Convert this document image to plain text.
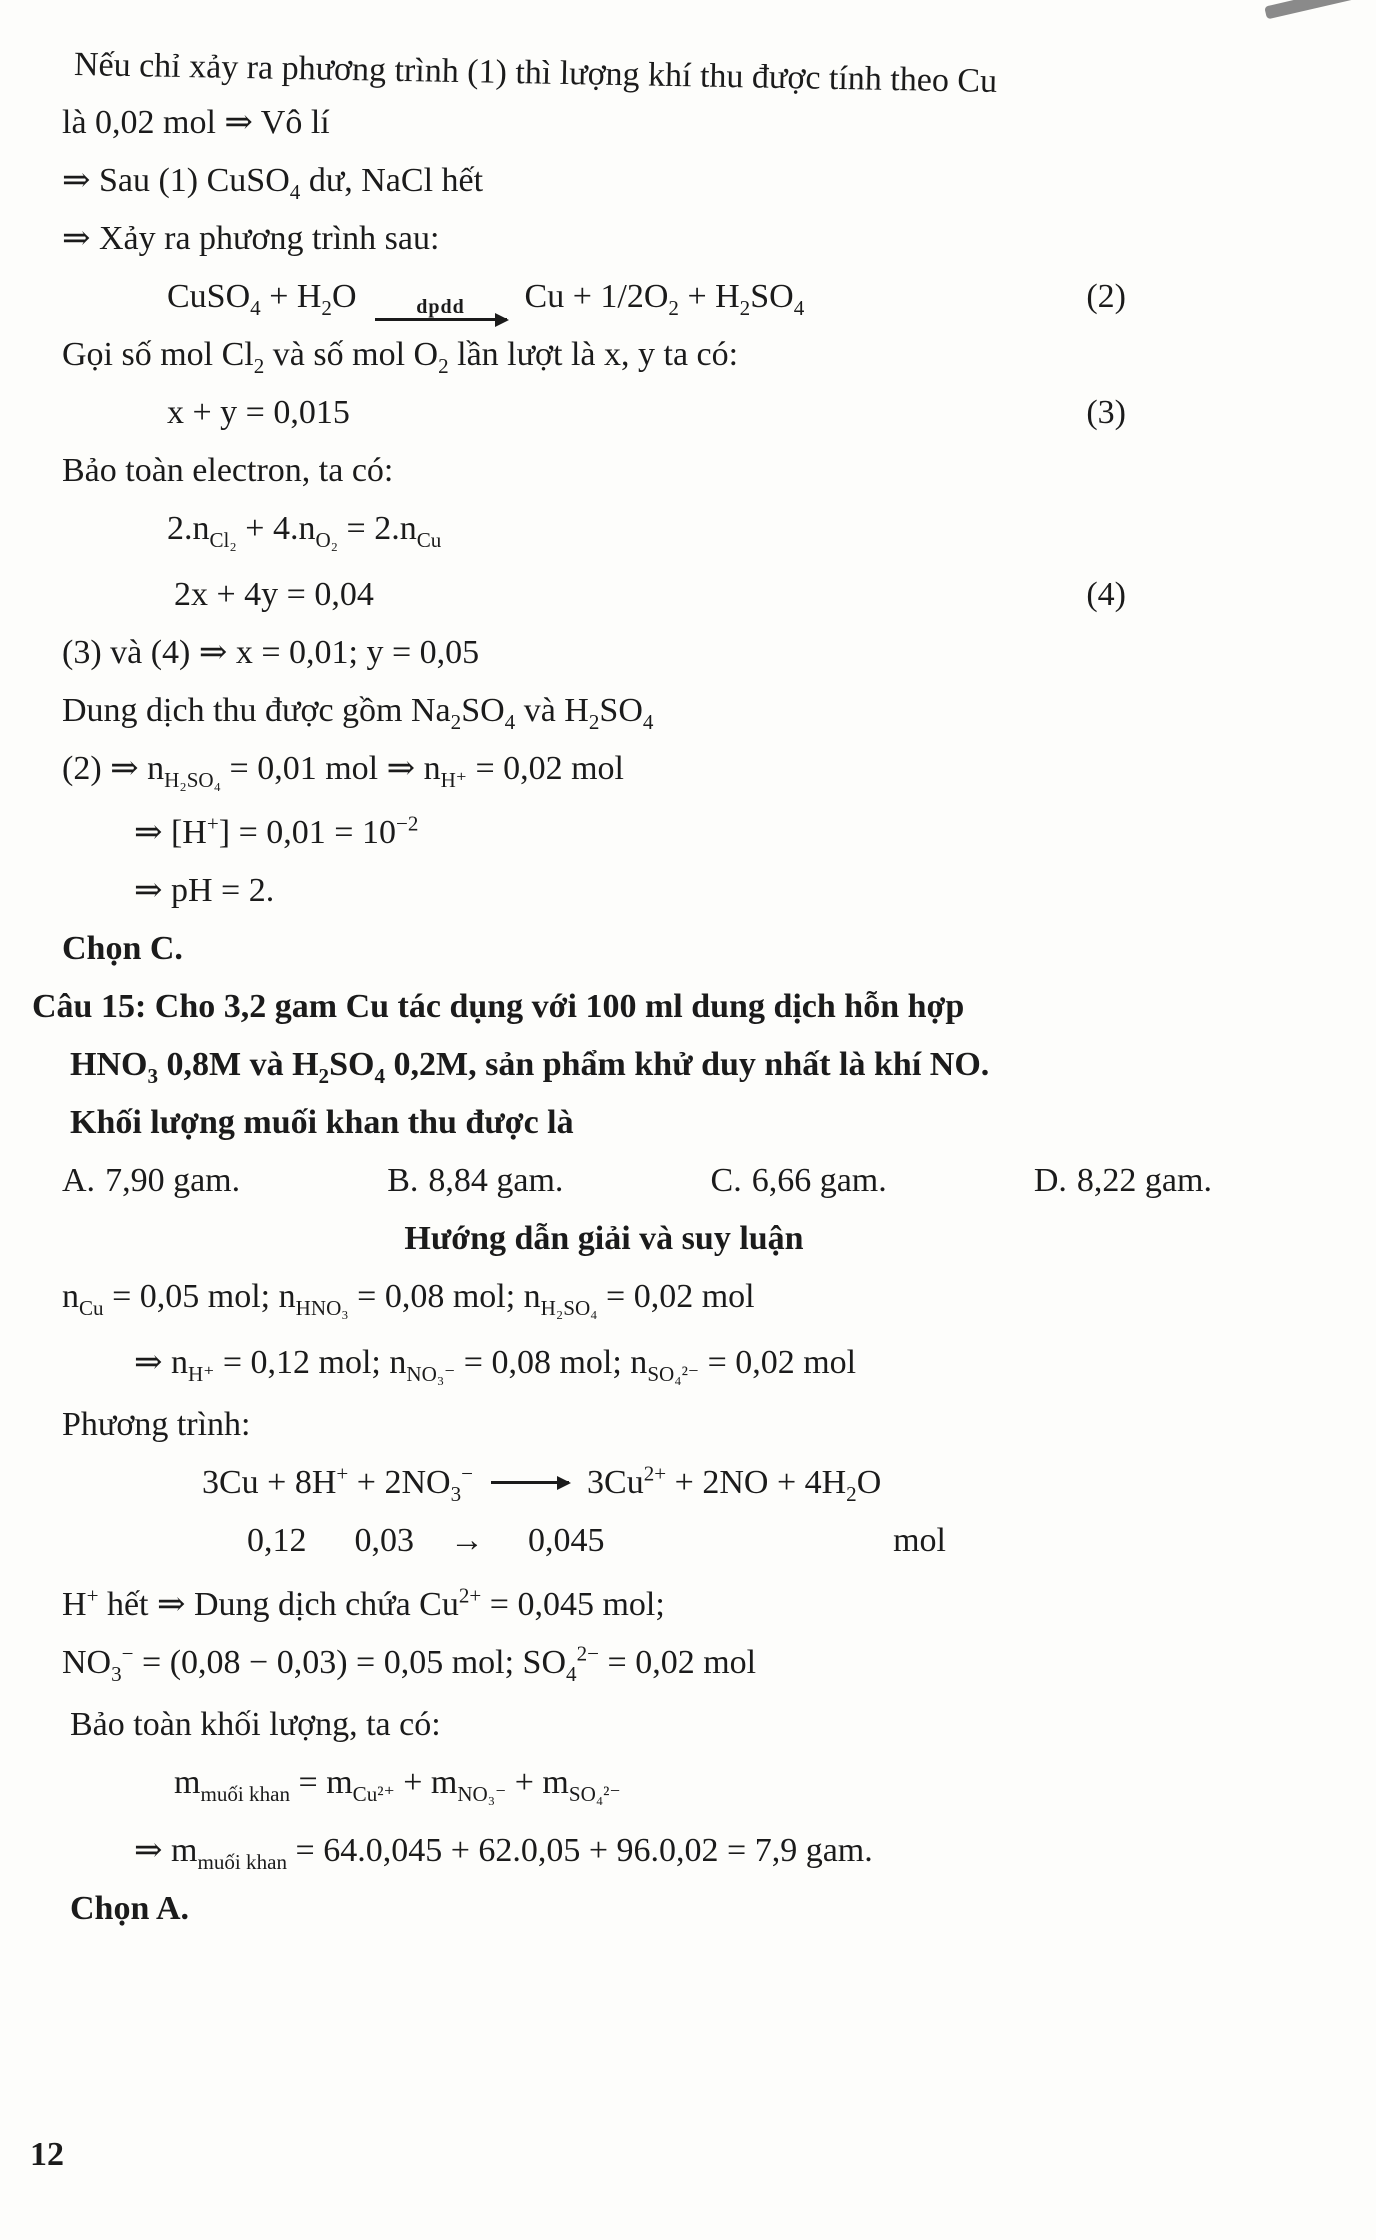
Nếu chỉ xảy ra phương trình (1) thì lượng khí thu được tính theo Cu
là 0,02 mol ⇒ Vô lí
⇒ Sau (1) CuSO$_4$ dư, NaCl hết
⇒ Xảy ra phương trình sau:
CuSO$_4$ + $H_2O$	dpdd $Cu + 1/2O_2 + H_2SO_4$	(2)
Gọi số mol $Cl_2$ và số mol $O_2$ lần lượt là x, y ta có:
x + y = 0,015	(3)
Bảo toàn electron, ta có:
$2.n_{Cl_2} + 4.n_{O_2} = 2.n_{Cu}$
2x + 4y = 0,04	(4)
(3) và (4) ⇒ x = 0,01; y = 0,05
Dung dịch thu được gồm $Na_2SO_4$ và $H_2SO_4$
(2) ⇒ $n_{H_2SO_4} = 0,01$ mol ⇒ $n_{H^+} = 0,02$ mol
⇒ $[H^+] = 0,01 = 10^{-2}$
⇒ pH = 2.
Chọn C.
Câu 15: Cho 3,2 gam Cu tác dụng với 100 ml dung dịch hỗn hợp
$HNO_3$ 0,8M và $H_2SO_4$ 0,2M, sản phẩm khử duy nhất là khí NO.
Khối lượng muối khan thu được là
A. 7,90 gam.	B. 8,84 gam.	C. 6,66 gam.	D. 8,22 gam.
Hướng dẫn giải và suy luận
$n_{Cu} = 0,05$ mol; $n_{HNO_3} = 0,08$ mol; $n_{H_2SO_4} = 0,02$ mol
⇒ $n_{H^+} = 0,12$ mol; $n_{NO_3^-} = 0,08$ mol; $n_{SO_4^{2-}} = 0,02$ mol
Phương trình:
$3Cu + 8H^+ + 2NO_3^-$	$3Cu^{2+} + 2NO + 4H_2O$
0,12 0,03 → 0,045	mol
H+ hết ⇒ Dung dịch chứa $Cu^{2+} = 0,045$ mol;
$NO_3^- = (0,08 - 0,03) = 0,05$ mol; $SO_4^{2-} = 0,02$ mol
Bảo toàn khối lượng, ta có:
$m_{muối khan} = m_{Cu^{2+}} + m_{NO_3^-} + m_{SO_4^{2-}}$
⇒ $m_{muối khan} = 64.0,045 + 62.0,05 + 96.0,02 = 7,9$ gam.
Chọn A.
12
